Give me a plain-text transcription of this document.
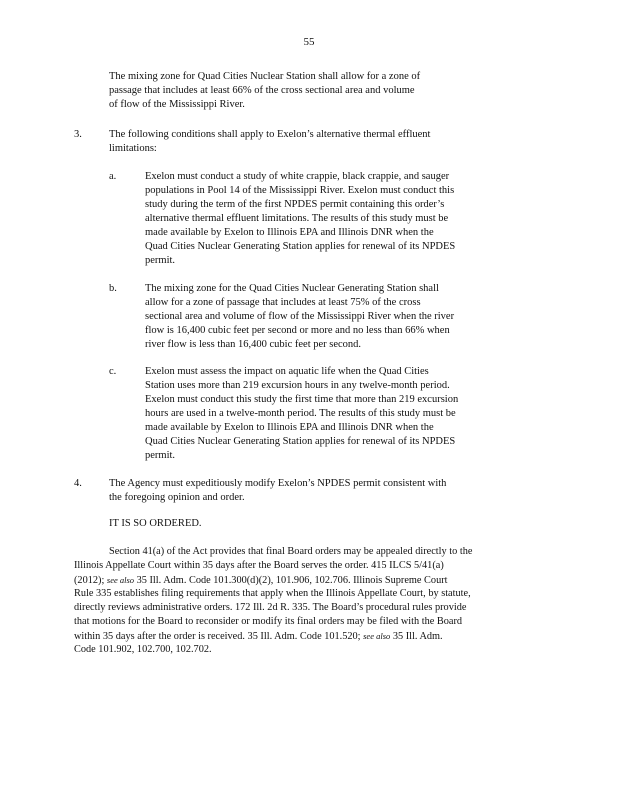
55
The mixing zone for Quad Cities Nuclear Station shall allow for a zone of
passage that includes at least 66% of the cross sectional area and volume
of flow of the Mississippi River.
3.	The following conditions shall apply to Exelon’s alternative thermal effluent
limitations:
a.	Exelon must conduct a study of white crappie, black crappie, and sauger
populations in Pool 14 of the Mississippi River. Exelon must conduct this
study during the term of the first NPDES permit containing this order’s
alternative thermal effluent limitations. The results of this study must be
made available by Exelon to Illinois EPA and Illinois DNR when the
Quad Cities Nuclear Generating Station applies for renewal of its NPDES
permit.
b.	The mixing zone for the Quad Cities Nuclear Generating Station shall
allow for a zone of passage that includes at least 75% of the cross
sectional area and volume of flow of the Mississippi River when the river
flow is 16,400 cubic feet per second or more and no less than 66% when
river flow is less than 16,400 cubic feet per second.
c.	Exelon must assess the impact on aquatic life when the Quad Cities
Station uses more than 219 excursion hours in any twelve-month period.
Exelon must conduct this study the first time that more than 219 excursion
hours are used in a twelve-month period. The results of this study must be
made available by Exelon to Illinois EPA and Illinois DNR when the
Quad Cities Nuclear Generating Station applies for renewal of its NPDES
permit.
4.	The Agency must expeditiously modify Exelon’s NPDES permit consistent with
the foregoing opinion and order.
IT IS SO ORDERED.
Section 41(a) of the Act provides that final Board orders may be appealed directly to the
Illinois Appellate Court within 35 days after the Board serves the order. 415 ILCS 5/41(a)
(2012); see also 35 Ill. Adm. Code 101.300(d)(2), 101.906, 102.706. Illinois Supreme Court
Rule 335 establishes filing requirements that apply when the Illinois Appellate Court, by statute,
directly reviews administrative orders. 172 Ill. 2d R. 335. The Board’s procedural rules provide
that motions for the Board to reconsider or modify its final orders may be filed with the Board
within 35 days after the order is received. 35 Ill. Adm. Code 101.520; see also 35 Ill. Adm.
Code 101.902, 102.700, 102.702.
